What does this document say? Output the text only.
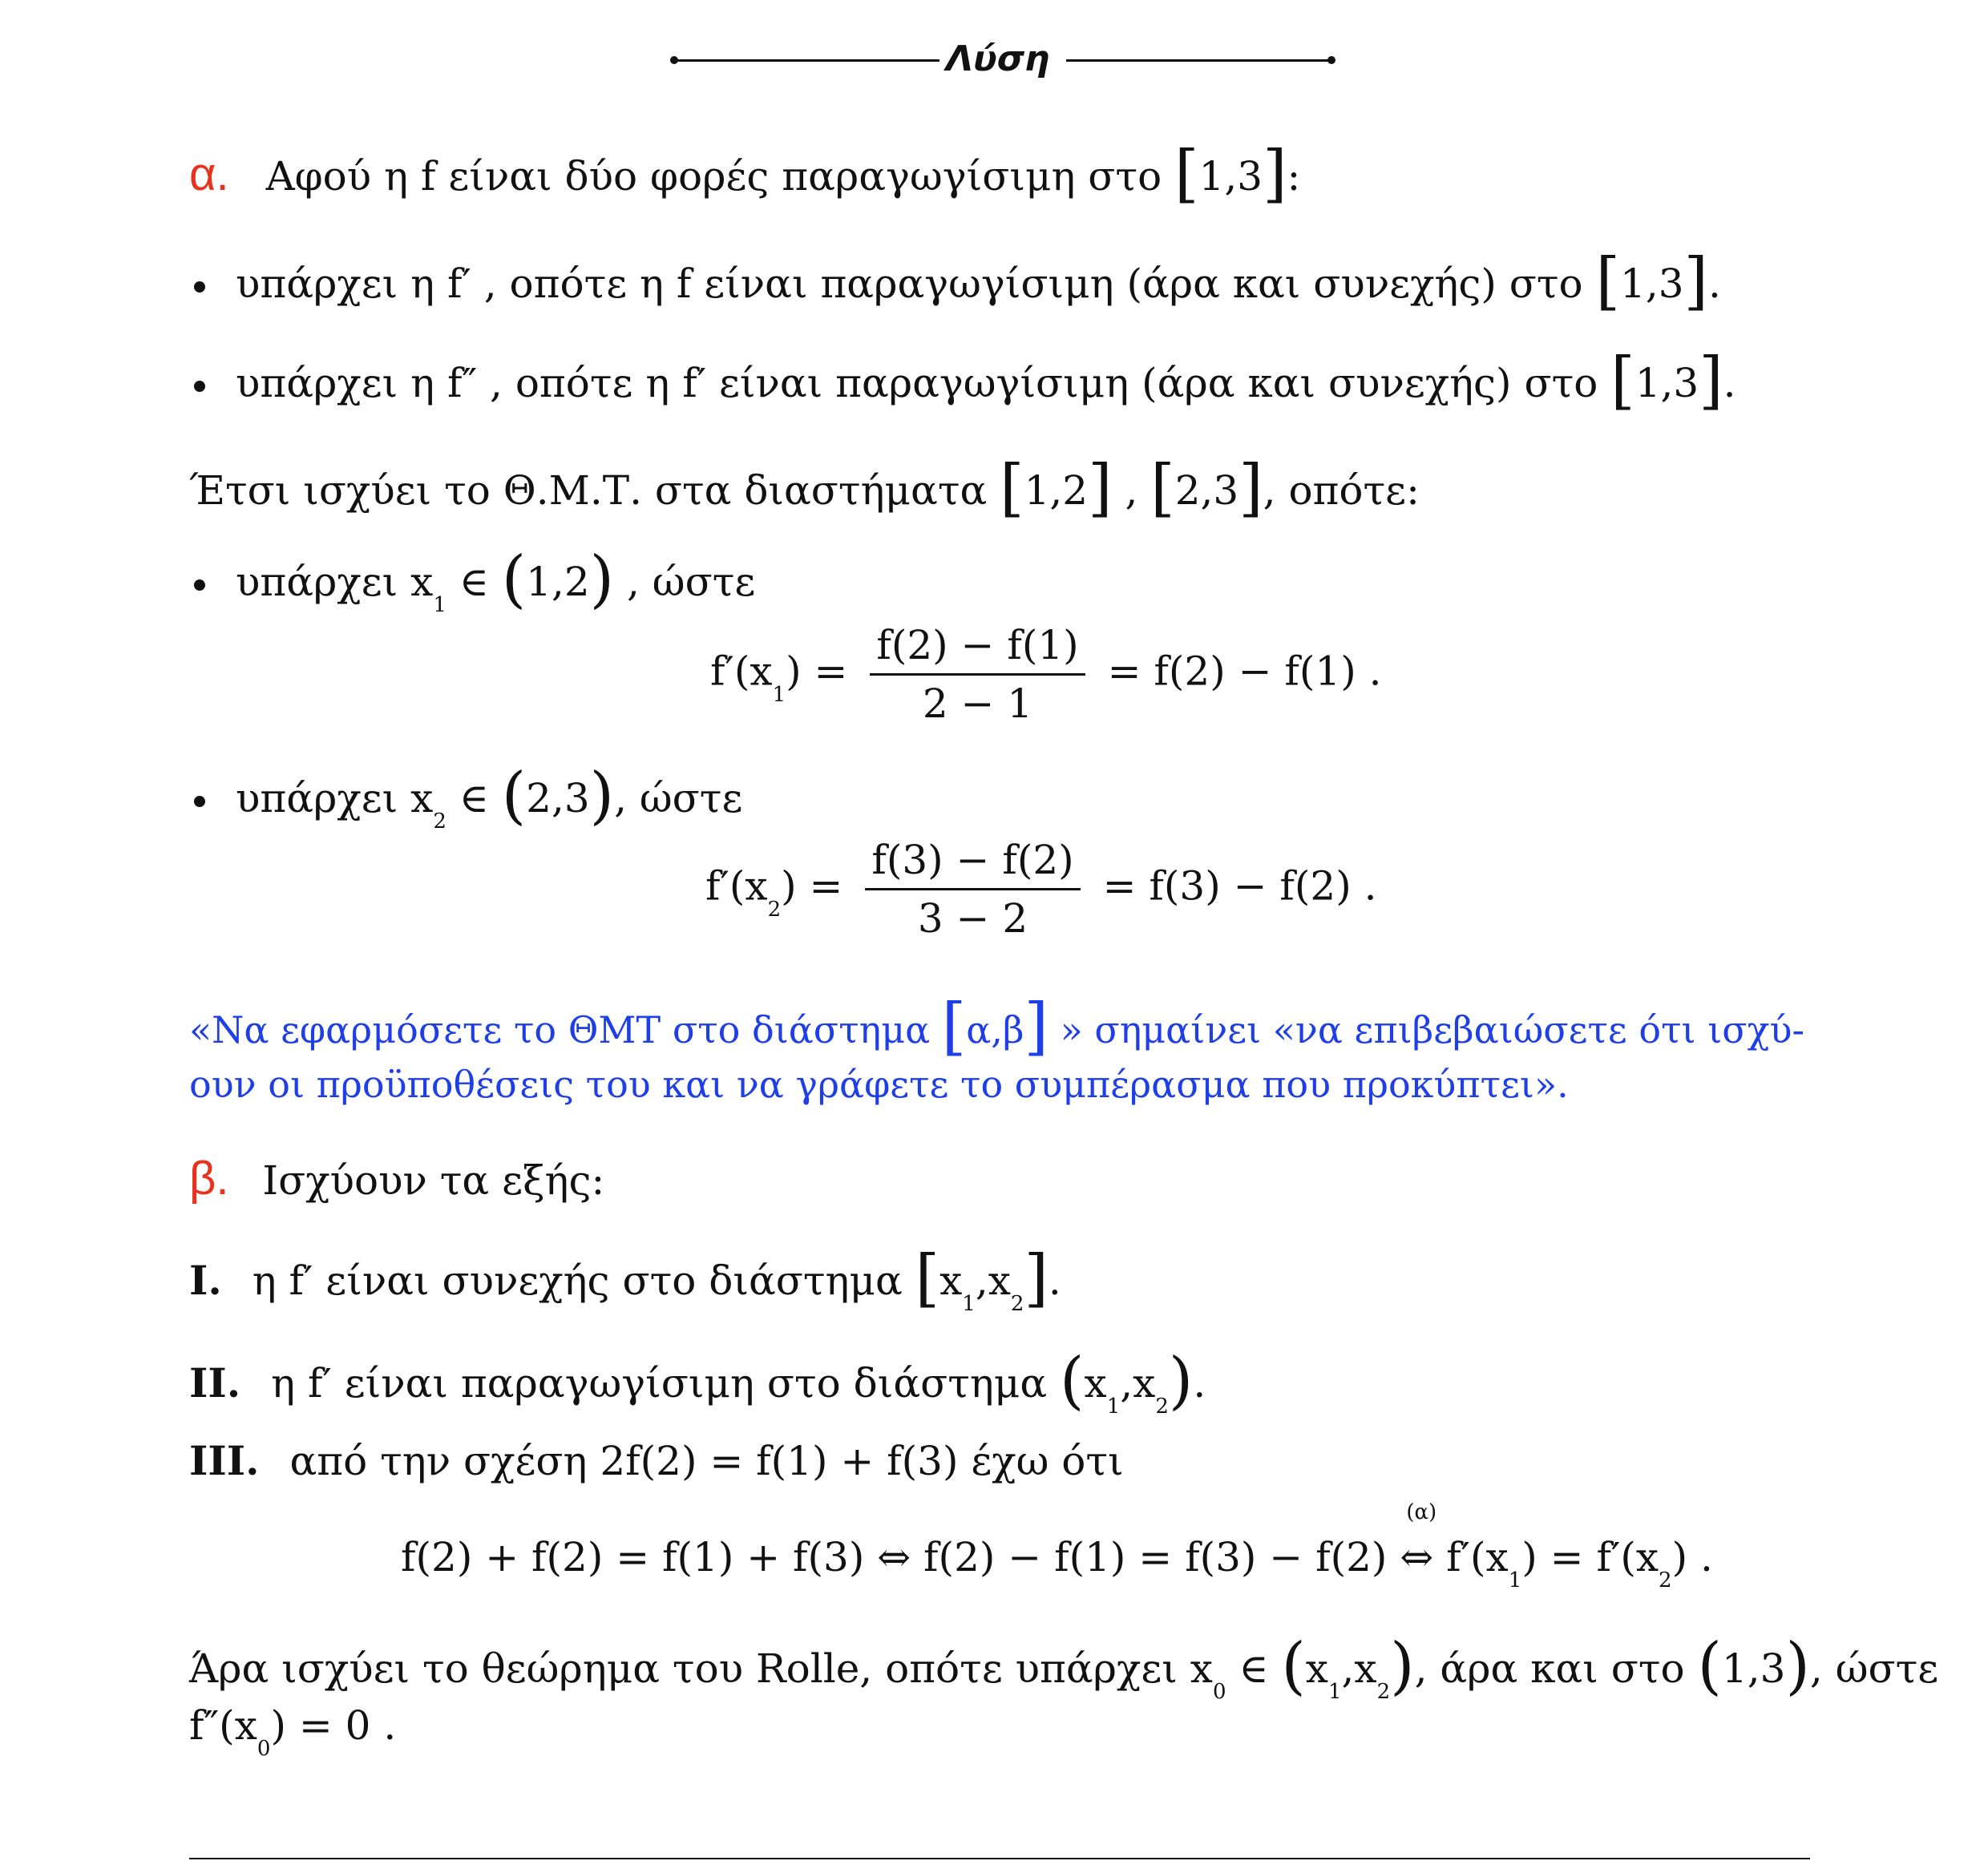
Λύση
α. Αφού η f είναι δύο φορές παραγωγίσιμη στο [1,3]:
υπάρχει η f′ , οπότε η f είναι παραγωγίσιμη (άρα και συνεχής) στο [1,3].
υπάρχει η f″ , οπότε η f′ είναι παραγωγίσιμη (άρα και συνεχής) στο [1,3].
Έτσι ισχύει το Θ.Μ.Τ. στα διαστήματα [1,2] , [2,3], οπότε:
υπάρχει $x_1$ ∈ (1,2) , ώστε
$f'(x_1) = \frac{f(2) - f(1)}{2 - 1} = f(2) - f(1)$ .
υπάρχει $x_2$ ∈ (2,3), ώστε
$f'(x_2) = \frac{f(3) - f(2)}{3 - 2} = f(3) - f(2)$ .
«Να εφαρμόσετε το ΘΜΤ στο διάστημα [α,β] » σημαίνει «να επιβεβαιώσετε ότι ισχύ-
ουν οι προϋποθέσεις του και να γράφετε το συμπέρασμα που προκύπτει».
β. Ισχύουν τα εξής:
I. η f′ είναι συνεχής στο διάστημα $[x_1,x_2]$.
II. η f′ είναι παραγωγίσιμη στο διάστημα $(x_1,x_2)$.
III. από την σχέση 2f(2) = f(1) + f(3) έχω ότι
f(2) + f(2) = f(1) + f(3) ⇔ f(2) − f(1) = f(3) − f(2)
(α)
⇔ $f'(x_1) = f'(x_2)$ .
Άρα ισχύει το θεώρημα του Rolle, οπότε υπάρχει $x_0$ ∈ $(x_1,x_2)$, άρα και στο (1,3), ώστε
$f''(x_0) = 0$ .
